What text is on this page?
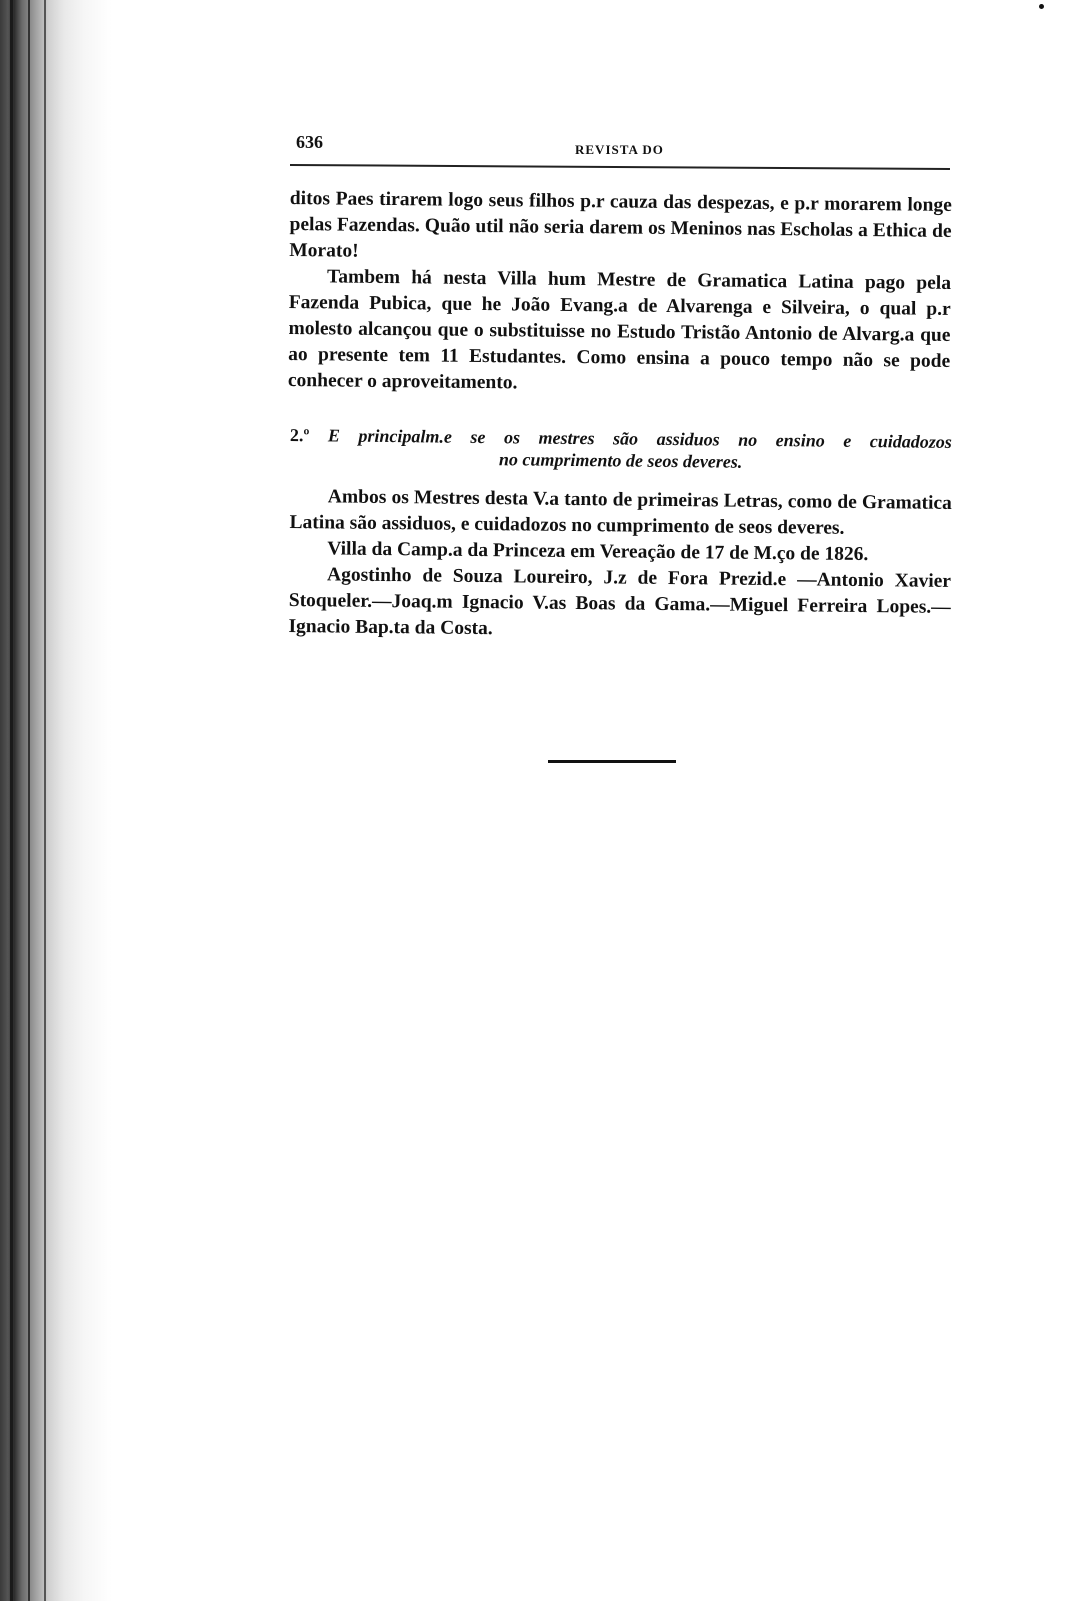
636	REVISTA DO

ditos Paes tirarem logo seus filhos p.r cauza das despezas, e p.r morarem longe pelas Fazendas. Quão util não seria darem os Meninos nas Escholas a Ethica de Morato!

Tambem há nesta Villa hum Mestre de Gramatica Latina pago pela Fazenda Pubica, que he João Evang.a de Alvarenga e Silveira, o qual p.r molesto alcançou que o substituisse no Estudo Tristão Antonio de Alvarg.a que ao presente tem 11 Estudantes. Como ensina a pouco tempo não se pode conhecer o aproveitamento.

2.º E principalm.e se os mestres são assiduos no ensino e cuidadozos
no cumprimento de seos deveres.

Ambos os Mestres desta V.a tanto de primeiras Letras, como de Gramatica Latina são assiduos, e cuidadozos no cumprimento de seos deveres.

Villa da Camp.a da Princeza em Vereação de 17 de M.ço de 1826.

Agostinho de Souza Loureiro, J.z de Fora Prezid.e —Antonio Xavier Stoqueler.—Joaq.m Ignacio V.as Boas da Gama.—Miguel Ferreira Lopes.—Ignacio Bap.ta da Costa.
